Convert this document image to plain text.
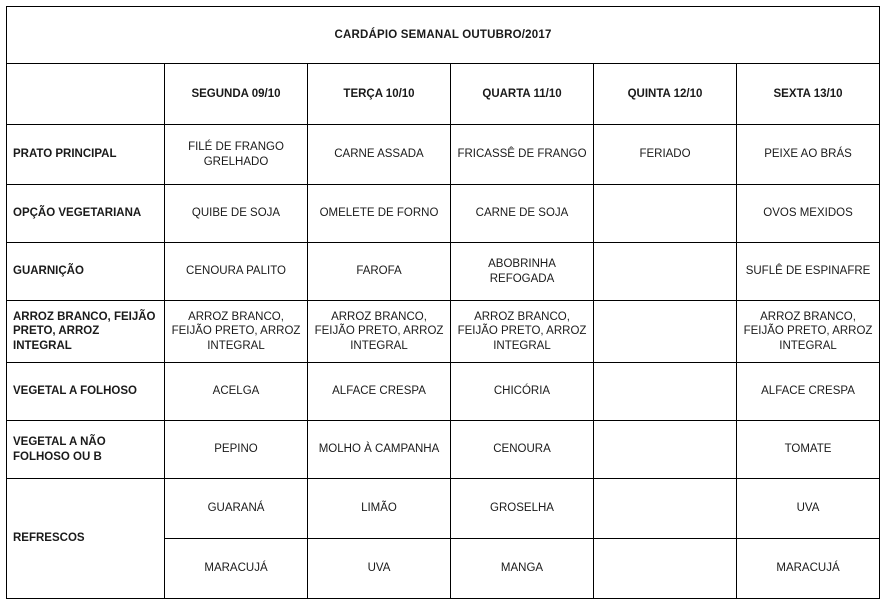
CARDÁPIO SEMANAL OUTUBRO/2017					
	SEGUNDA 09/10	TERÇA 10/10	QUARTA 11/10	QUINTA 12/10	SEXTA 13/10
PRATO PRINCIPAL	FILÉ DE FRANGO GRELHADO	CARNE ASSADA	FRICASSÊ DE FRANGO	FERIADO	PEIXE AO BRÁS
OPÇÃO VEGETARIANA	QUIBE DE SOJA	OMELETE DE FORNO	CARNE DE SOJA		OVOS MEXIDOS
GUARNIÇÃO	CENOURA PALITO	FAROFA	ABOBRINHA REFOGADA		SUFLÊ DE ESPINAFRE
ARROZ BRANCO, FEIJÃO PRETO, ARROZ INTEGRAL	ARROZ BRANCO, FEIJÃO PRETO, ARROZ INTEGRAL	ARROZ BRANCO, FEIJÃO PRETO, ARROZ INTEGRAL	ARROZ BRANCO, FEIJÃO PRETO, ARROZ INTEGRAL		ARROZ BRANCO, FEIJÃO PRETO, ARROZ INTEGRAL
VEGETAL A FOLHOSO	ACELGA	ALFACE CRESPA	CHICÓRIA		ALFACE CRESPA
VEGETAL A NÃO FOLHOSO OU B	PEPINO	MOLHO À CAMPANHA	CENOURA		TOMATE
REFRESCOS	GUARANÁ	LIMÃO	GROSELHA		UVA
	MARACUJÁ	UVA	MANGA		MARACUJÁ
